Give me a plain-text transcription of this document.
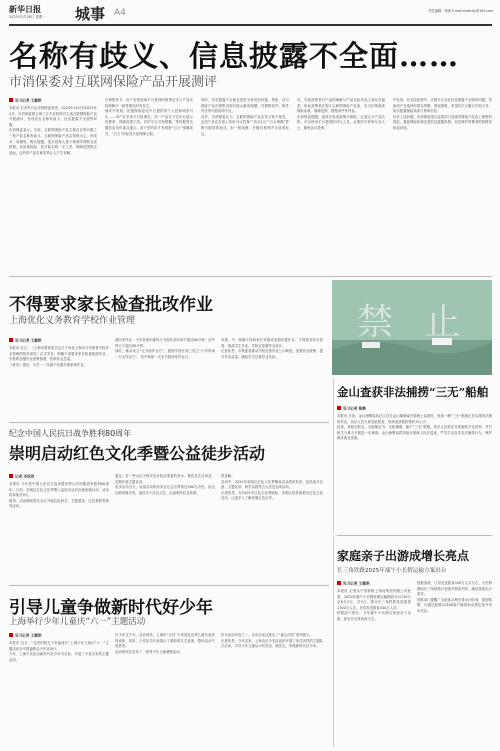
新华日报
2025年5月28日 星期一 城事 A4	责任编辑：城事 E-mail:xhrbcity@163.com
名称有歧义、信息披露不全面……
市消保委对互联网保险产品开展测评
见习记者 王戴艳
本报讯 记者昨日从市消保委获悉，2024年10月至2025年4月，市消保委联合第三方专业机构对主流互联网保险产品开展测评，发现存在名称有歧义、信息披露不全面等问题。
市消保委表示，当前，互联网保险产品主要存在的问题之一是产品名称有歧义。互联网保险产品以短保为主，种类多、周期短，购买便捷，很多投保人基于简单的判断完成投保，比如重疾险、医疗险名称一字之差，保障范围相去甚远，还有的产品名称容易让人产生误解。
在销售环节，用户在短视频平台看到的销售话术与产品实际保障不一致等情况时有发生。
测评中发现，依据保险经纪平台提供的个人投保场景对比……用户在多家平台投保后，同一产品在不同平台展示的费率、保障范围不同。有的平台对免赔额、等待期等关键信息未作重点提示，用户签约时才发现被“百万”保额误导，“百万”的标签只是保障上限。
同时，信息披露不全面也是较为常见的问题。例如，部分保险产品在销售页面仅展示最高保额，对理赔条件、除外责任等内容说明不足。
此外，市消保委认为，互联网保险产品宣传文案不规范，此类产品在页面上常用“0元投保”“首月1元”“百万保额”等吸引眼球的表述，但一般续保、升级价格等并未显著标注。
另，导致消费者对产品的理解与产品实际状况之间存在偏差，因此消费者在购买互联网保险产品前，应当仔细阅读保险条款、保障范围、理赔条件等内容。
市消保委提醒，选择正规渠道购买保险，注意区分产品名称，可以使用平台提供的对比工具，必要时可咨询专业人士，避免盲目投保。
中发现，在实际投保中，多数平台存在信息披露不全面的问题，导致用户在选择时难以判断，维权困难，希望各平台履行告知义务，如实披露保险条款与费率信息。
针对上述问题，市消保委建议监管部门加强对保险产品线上销售的规范，督促保险机构完善信息披露机制，切实保护消费者的知情权和选择权。
不得要求家长检查批改作业
上海优化义务教育学校作业管理
见习记者 王戴艳
本报讯 近日，《上海市教育委员会关于优化上海市义务教育学校作业管理的指导意见》正式发布，明确不得要求家长检查批改作业，学校要加强作业统筹管理，控制作业总量。
《意见》提出，小学一二年级不布置书面家庭作业。
面回家作业；小学其他年级每天书面作业时间不超过60分钟，初中每天不超过90分钟。
同时，推动设立“无书面作业日”，鼓励学校在周三设立“小学每周一天无作业日”，初中每周一天无书面回家作业日。
举措，中，明确不得给家长布置或变相布置作业；不得要求家长检查、批改学生作业，学校应加强作业设计。
记者获悉，市教委将推动学校完善作业公示制度，加强作业统筹，提升作业质量，减轻学生过重学业负担。
禁 止
纪念中国人民抗日战争胜利80周年
崇明启动红色文化季暨公益徒步活动
记者 李欣然
本报讯 今年是中国人民抗日战争暨世界反法西斯战争胜利80周年。日前，崇明区红色文化季暨公益徒步活动在港西镇启动，活动将持续至9月。
据悉，活动期间将在全区开展红色研学、主题展览、红色观影等系列活动。
通过，在一些点位为每次徒步队伍准备的茶水、餐饮及生活用品，定期开展主题宣讲。
徒步活动当天，参加活动的有来自社会各界的近500名市民，队伍从港西镇出发，途经多个红色点位，沿途聆听红色故事。
的讲解。
活动中，2025年崇明区红色文化季精品活动清单发布，包括追寻足迹、主题宣讲、研学实践等五大类近百项活动。
记者获悉，在2025年红色文化季期间，崇明区将持续推出红色文化活动，让更多人了解崇明红色历史。
金山查获非法捕捞“三无”船舶
见习记者 陈静
本报讯 日前，金山海警局执法人员在金山嘴海域开展海上巡查时，发现一艘“三无”船舶正在实施非法捕捞作业，执法人员当即登临检查，现场查获渔获物约70公斤。
经查，该船无船名、无船舶证书、无船籍港，属于“三无”船舶。执法人员依法对该船舶予以扣押，并对相关当事人开展进一步调查。金山海警局将持续开展海上执法巡查，严厉打击各类非法捕捞行为，保护海洋渔业资源。
引导儿童争做新时代好少年
上海举行少年儿童庆“六一”主题活动
见习记者 王戴艳
本报讯 近日，“在党的阳光下幸福成长”上海少年儿童庆“六一”主题活动在中国福利会少年宫举行。
今年，上海少先队以新时代好少年为目标，开展了丰富多彩的主题活动。
好少年这个年，活动现场，上海市“五好”小家庭及优秀儿童代表获得表彰，同时，少先队员代表展示了精彩的文艺表演，整场活动气氛热烈。
活动现场还发布了一系列少年儿童暑期活动。
作为活动内容之一，本次活动还推出了“童心向党”系列展示。
记者获悉，今年以来，上海各区少先队组织开展了形式多样的主题队日活动，引导少年儿童从小听党话、跟党走，争做新时代好少年。
家庭亲子出游成增长亮点
长三角铁路2025年端午小长假运输方案出台
见习记者 王戴艳
本报讯 记者从中国铁路上海局集团有限公司获悉，2025年端午小长假铁路运输期间为5月30日至6月3日，共5天，预计长三角铁路发送旅客1700万人次，日均发送旅客340万人次。
铁路部门预计，今年端午小长假以家庭亲子出游、探亲访友等客流为主。
根据客流，日均发送旅客340万人次左右，小长假期间长三角铁路计划加开旅客列车，满足旅客出行需求。
铁路部门提醒广大旅客合理安排出行时间，提前购票，可通过铁路12306客户端查询余票及加开列车信息。
